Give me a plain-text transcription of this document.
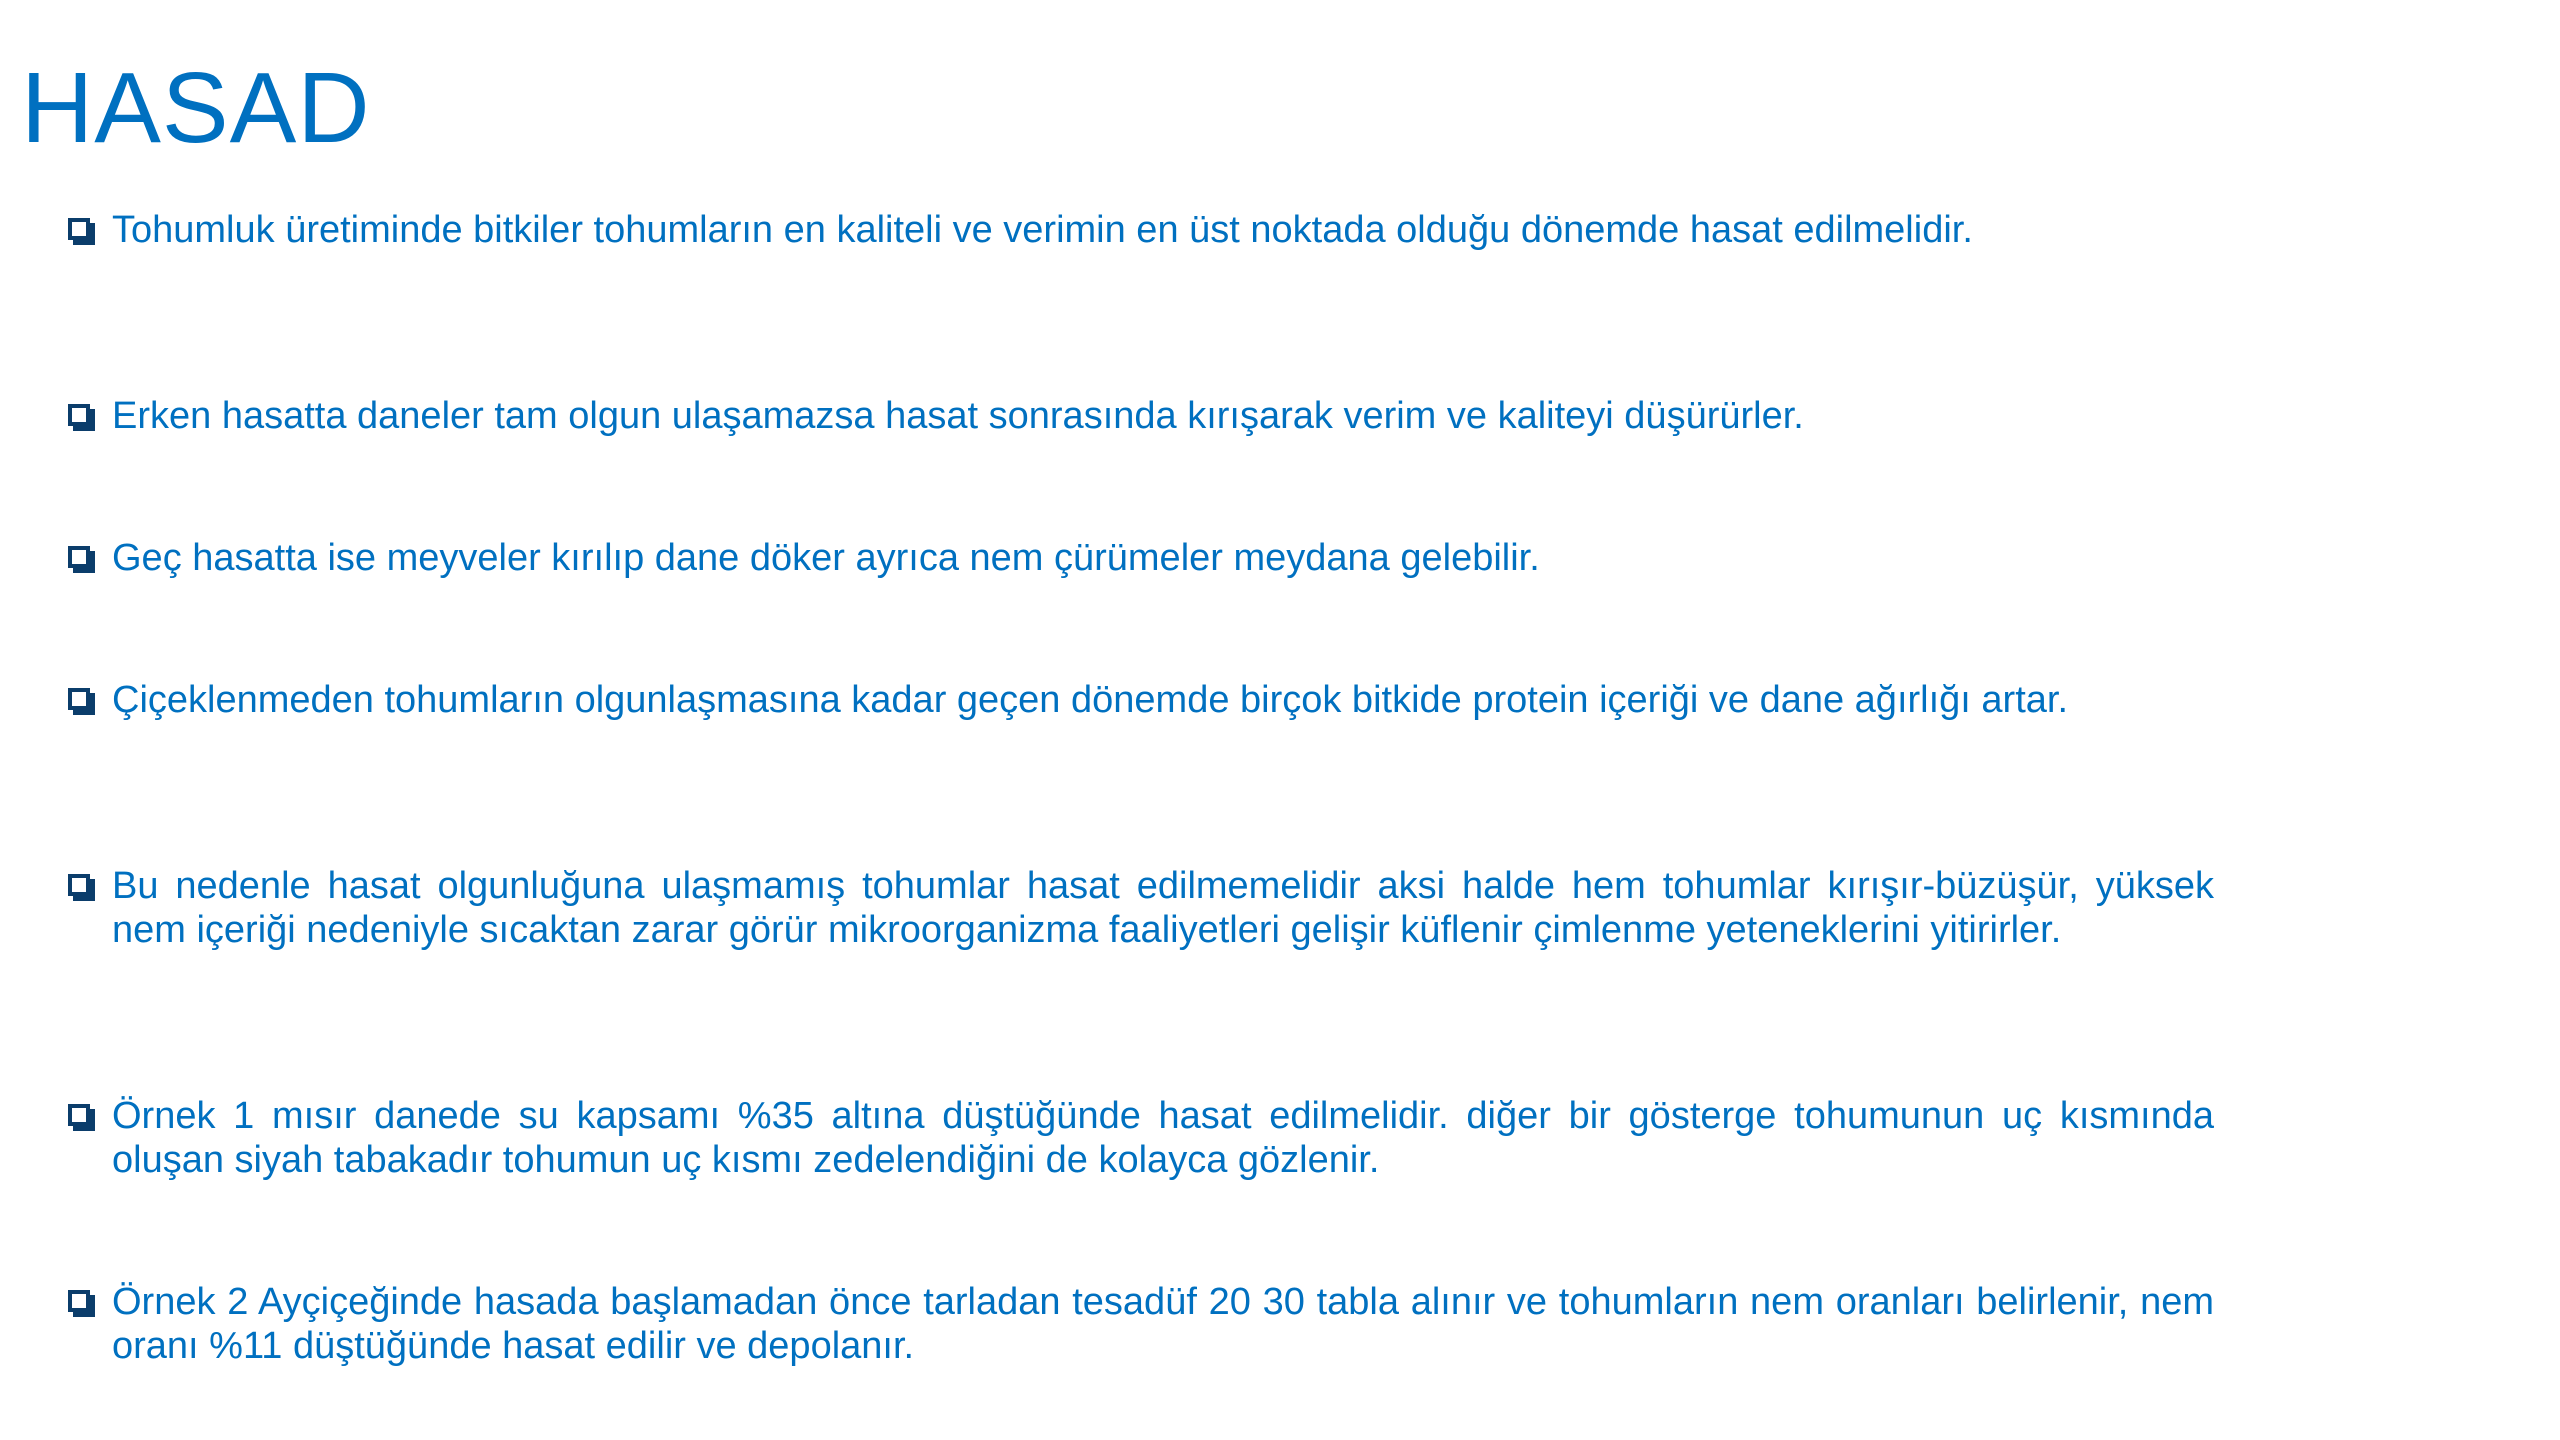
HASAD
Tohumluk üretiminde bitkiler tohumların en kaliteli ve verimin en üst noktada olduğu dönemde hasat edilmelidir.
Erken hasatta daneler tam olgun ulaşamazsa hasat sonrasında kırışarak verim ve kaliteyi düşürürler.
Geç hasatta ise meyveler kırılıp dane döker ayrıca nem çürümeler meydana gelebilir.
Çiçeklenmeden tohumların olgunlaşmasına kadar geçen dönemde birçok bitkide protein içeriği ve dane ağırlığı artar.
Bu nedenle hasat olgunluğuna ulaşmamış tohumlar hasat edilmemelidir aksi halde hem tohumlar kırışır-büzüşür, yüksek nem içeriği nedeniyle sıcaktan zarar görür mikroorganizma faaliyetleri gelişir küflenir çimlenme yeteneklerini yitirirler.
Örnek 1 mısır danede su kapsamı %35 altına düştüğünde hasat edilmelidir. diğer bir gösterge tohumunun uç kısmında oluşan siyah tabakadır tohumun uç kısmı zedelendiğini de kolayca gözlenir.
Örnek 2 Ayçiçeğinde hasada başlamadan önce tarladan tesadüf 20 30 tabla alınır ve tohumların nem oranları belirlenir, nem oranı %11 düştüğünde hasat edilir ve depolanır.
